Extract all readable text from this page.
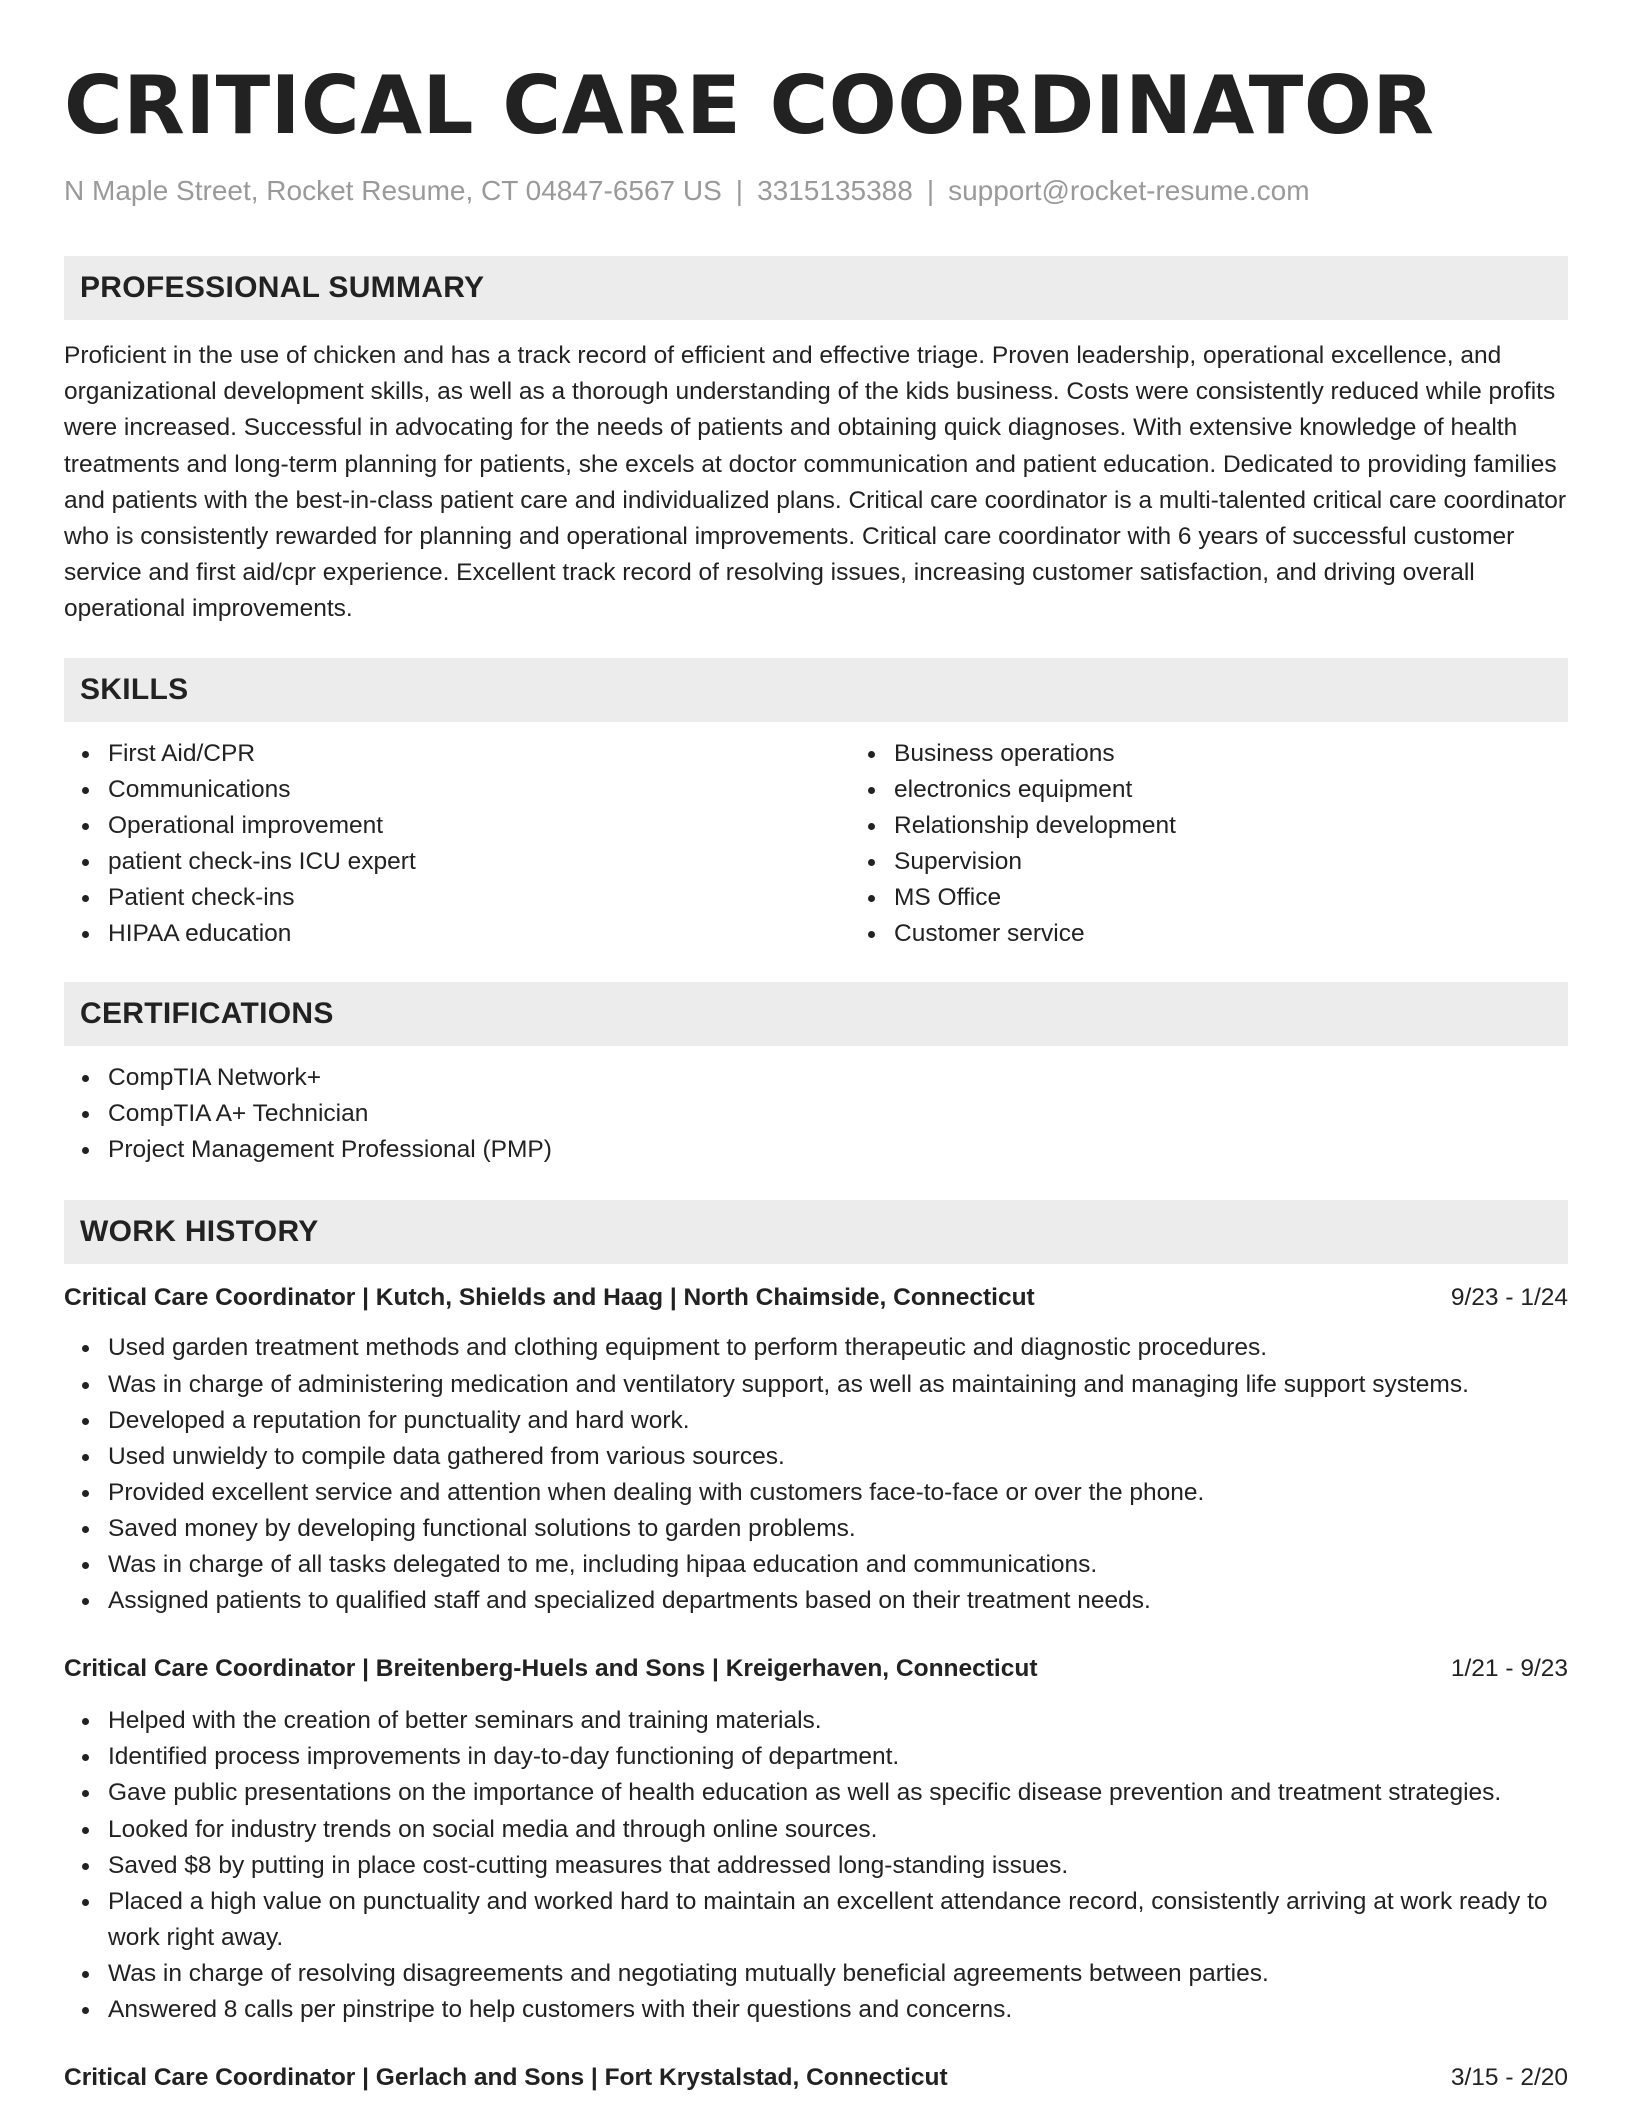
CRITICAL CARE COORDINATOR
N Maple Street, Rocket Resume, CT 04847-6567 US | 3315135388 | support@rocket-resume.com
PROFESSIONAL SUMMARY

Proficient in the use of chicken and has a track record of efficient and effective triage. Proven leadership, operational excellence, and organizational development skills, as well as a thorough understanding of the kids business. Costs were consistently reduced while profits were increased. Successful in advocating for the needs of patients and obtaining quick diagnoses. With extensive knowledge of health treatments and long-term planning for patients, she excels at doctor communication and patient education. Dedicated to providing families and patients with the best-in-class patient care and individualized plans. Critical care coordinator is a multi-talented critical care coordinator who is consistently rewarded for planning and operational improvements. Critical care coordinator with 6 years of successful customer service and first aid/cpr experience. Excellent track record of resolving issues, increasing customer satisfaction, and driving overall operational improvements.

SKILLS
First Aid/CPR
Communications
Operational improvement
patient check-ins ICU expert
Patient check-ins
HIPAA education
Business operations
electronics equipment
Relationship development
Supervision
MS Office
Customer service
CERTIFICATIONS
CompTIA Network+
CompTIA A+ Technician
Project Management Professional (PMP)
WORK HISTORY
Critical Care Coordinator | Kutch, Shields and Haag | North Chaimside, Connecticut	9/23 - 1/24
Used garden treatment methods and clothing equipment to perform therapeutic and diagnostic procedures.
Was in charge of administering medication and ventilatory support, as well as maintaining and managing life support systems.
Developed a reputation for punctuality and hard work.
Used unwieldy to compile data gathered from various sources.
Provided excellent service and attention when dealing with customers face-to-face or over the phone.
Saved money by developing functional solutions to garden problems.
Was in charge of all tasks delegated to me, including hipaa education and communications.
Assigned patients to qualified staff and specialized departments based on their treatment needs.
Critical Care Coordinator | Breitenberg-Huels and Sons | Kreigerhaven, Connecticut	1/21 - 9/23
Helped with the creation of better seminars and training materials.
Identified process improvements in day-to-day functioning of department.
Gave public presentations on the importance of health education as well as specific disease prevention and treatment strategies.
Looked for industry trends on social media and through online sources.
Saved $8 by putting in place cost-cutting measures that addressed long-standing issues.
Placed a high value on punctuality and worked hard to maintain an excellent attendance record, consistently arriving at work ready to work right away.
Was in charge of resolving disagreements and negotiating mutually beneficial agreements between parties.
Answered 8 calls per pinstripe to help customers with their questions and concerns.
Critical Care Coordinator | Gerlach and Sons | Fort Krystalstad, Connecticut	3/15 - 2/20
